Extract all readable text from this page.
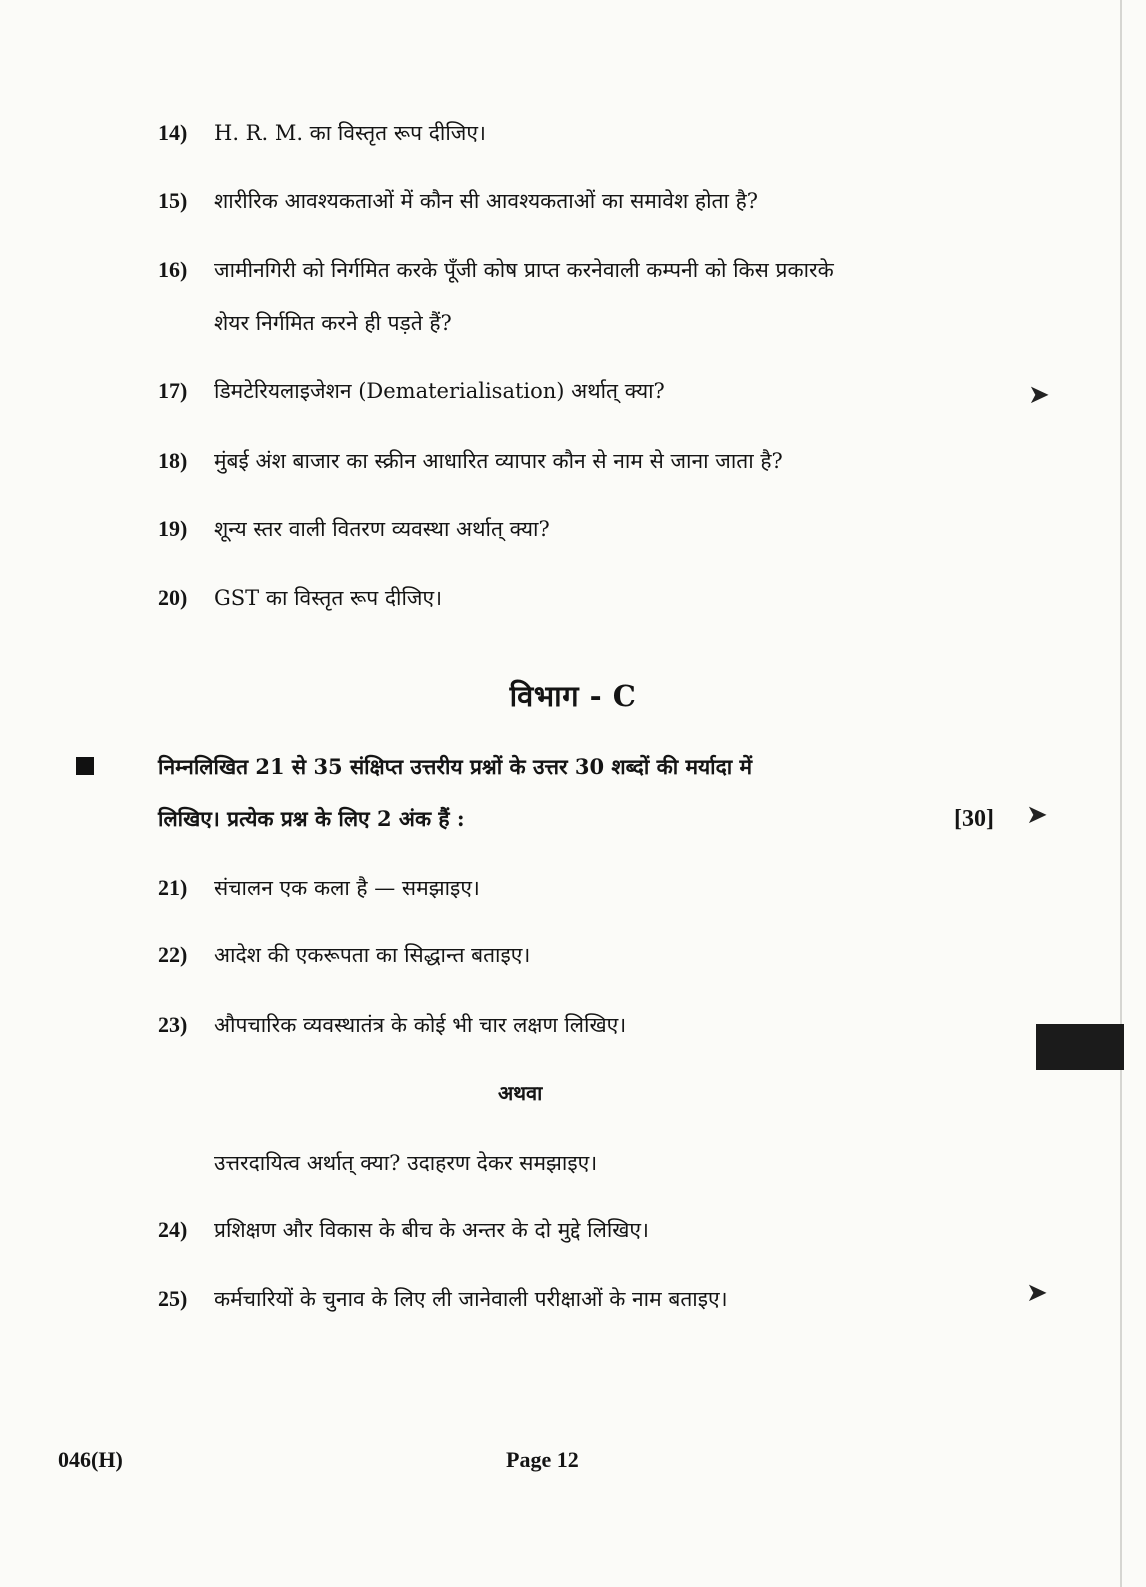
14) H. R. M. का विस्तृत रूप दीजिए।
15) शारीरिक आवश्यकताओं में कौन सी आवश्यकताओं का समावेश होता है?
16) जामीनगिरी को निर्गमित करके पूँजी कोष प्राप्त करनेवाली कम्पनी को किस प्रकारके
शेयर निर्गमित करने ही पड़ते हैं?
17) डिमटेरियलाइजेशन (Dematerialisation) अर्थात् क्या?
18) मुंबई अंश बाजार का स्क्रीन आधारित व्यापार कौन से नाम से जाना जाता है?
19) शून्य स्तर वाली वितरण व्यवस्था अर्थात् क्या?
20) GST का विस्तृत रूप दीजिए।
विभाग - C
निम्नलिखित 21 से 35 संक्षिप्त उत्तरीय प्रश्नों के उत्तर 30 शब्दों की मर्यादा में
लिखिए। प्रत्येक प्रश्न के लिए 2 अंक हैं :	[30]
21) संचालन एक कला है — समझाइए।
22) आदेश की एकरूपता का सिद्धान्त बताइए।
23) औपचारिक व्यवस्थातंत्र के कोई भी चार लक्षण लिखिए।
अथवा
उत्तरदायित्व अर्थात् क्या? उदाहरण देकर समझाइए।
24) प्रशिक्षण और विकास के बीच के अन्तर के दो मुद्दे लिखिए।
25) कर्मचारियों के चुनाव के लिए ली जानेवाली परीक्षाओं के नाम बताइए।
➤
➤
➤
046(H)	Page 12
